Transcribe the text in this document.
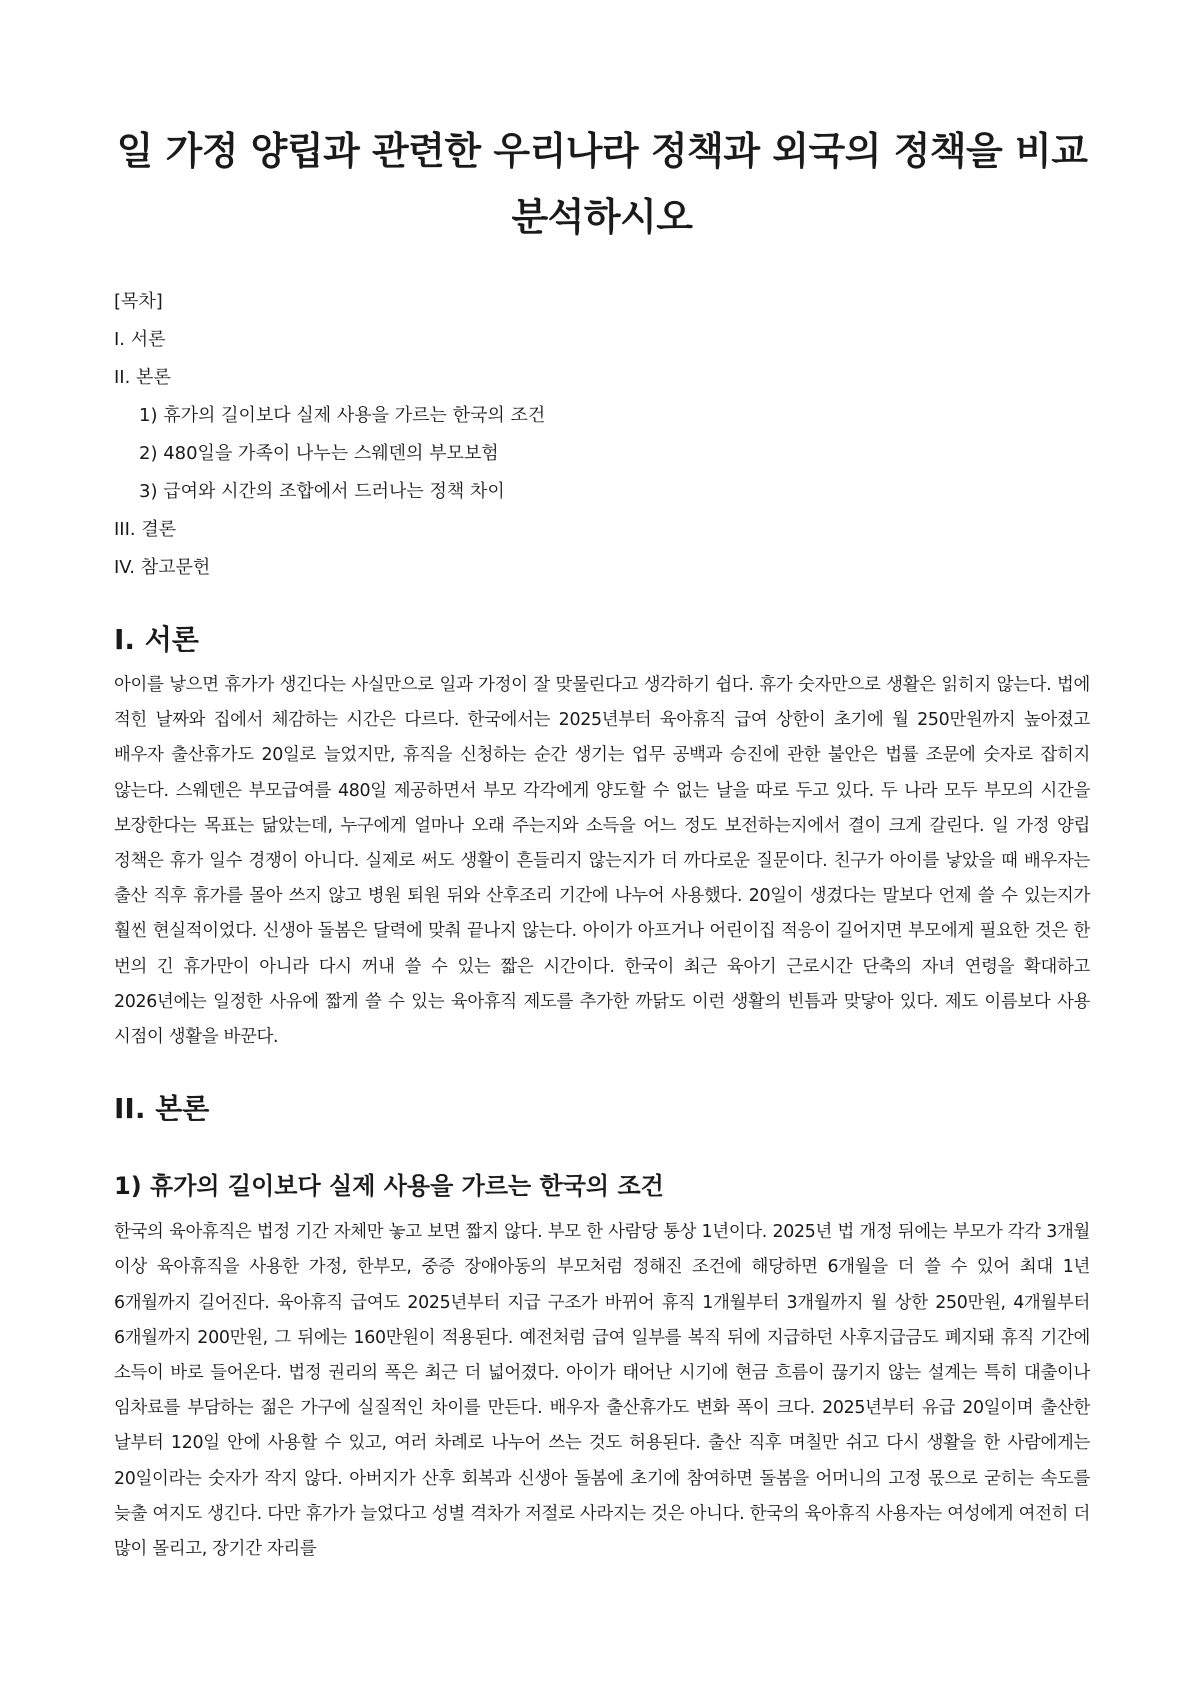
일 가정 양립과 관련한 우리나라 정책과 외국의 정책을 비교분석하시오
[목차]
I. 서론
II. 본론
1) 휴가의 길이보다 실제 사용을 가르는 한국의 조건
2) 480일을 가족이 나누는 스웨덴의 부모보험
3) 급여와 시간의 조합에서 드러나는 정책 차이
III. 결론
IV. 참고문헌
I. 서론

아이를 낳으면 휴가가 생긴다는 사실만으로 일과 가정이 잘 맞물린다고 생각하기 쉽다. 휴가 숫자만으로 생활은 읽히지 않는다. 법에 적힌 날짜와 집에서 체감하는 시간은 다르다. 한국에서는 2025년부터 육아휴직 급여 상한이 초기에 월 250만원까지 높아졌고 배우자 출산휴가도 20일로 늘었지만, 휴직을 신청하는 순간 생기는 업무 공백과 승진에 관한 불안은 법률 조문에 숫자로 잡히지 않는다. 스웨덴은 부모급여를 480일 제공하면서 부모 각각에게 양도할 수 없는 날을 따로 두고 있다. 두 나라 모두 부모의 시간을 보장한다는 목표는 닮았는데, 누구에게 얼마나 오래 주는지와 소득을 어느 정도 보전하는지에서 결이 크게 갈린다. 일 가정 양립 정책은 휴가 일수 경쟁이 아니다. 실제로 써도 생활이 흔들리지 않는지가 더 까다로운 질문이다. 친구가 아이를 낳았을 때 배우자는 출산 직후 휴가를 몰아 쓰지 않고 병원 퇴원 뒤와 산후조리 기간에 나누어 사용했다. 20일이 생겼다는 말보다 언제 쓸 수 있는지가 훨씬 현실적이었다. 신생아 돌봄은 달력에 맞춰 끝나지 않는다. 아이가 아프거나 어린이집 적응이 길어지면 부모에게 필요한 것은 한 번의 긴 휴가만이 아니라 다시 꺼내 쓸 수 있는 짧은 시간이다. 한국이 최근 육아기 근로시간 단축의 자녀 연령을 확대하고 2026년에는 일정한 사유에 짧게 쓸 수 있는 육아휴직 제도를 추가한 까닭도 이런 생활의 빈틈과 맞닿아 있다. 제도 이름보다 사용 시점이 생활을 바꾼다.

II. 본론
1) 휴가의 길이보다 실제 사용을 가르는 한국의 조건

한국의 육아휴직은 법정 기간 자체만 놓고 보면 짧지 않다. 부모 한 사람당 통상 1년이다. 2025년 법 개정 뒤에는 부모가 각각 3개월 이상 육아휴직을 사용한 가정, 한부모, 중증 장애아동의 부모처럼 정해진 조건에 해당하면 6개월을 더 쓸 수 있어 최대 1년 6개월까지 길어진다. 육아휴직 급여도 2025년부터 지급 구조가 바뀌어 휴직 1개월부터 3개월까지 월 상한 250만원, 4개월부터 6개월까지 200만원, 그 뒤에는 160만원이 적용된다. 예전처럼 급여 일부를 복직 뒤에 지급하던 사후지급금도 폐지돼 휴직 기간에 소득이 바로 들어온다. 법정 권리의 폭은 최근 더 넓어졌다. 아이가 태어난 시기에 현금 흐름이 끊기지 않는 설계는 특히 대출이나 임차료를 부담하는 젊은 가구에 실질적인 차이를 만든다. 배우자 출산휴가도 변화 폭이 크다. 2025년부터 유급 20일이며 출산한 날부터 120일 안에 사용할 수 있고, 여러 차례로 나누어 쓰는 것도 허용된다. 출산 직후 며칠만 쉬고 다시 생활을 한 사람에게는 20일이라는 숫자가 작지 않다. 아버지가 산후 회복과 신생아 돌봄에 초기에 참여하면 돌봄을 어머니의 고정 몫으로 굳히는 속도를 늦출 여지도 생긴다. 다만 휴가가 늘었다고 성별 격차가 저절로 사라지는 것은 아니다. 한국의 육아휴직 사용자는 여성에게 여전히 더 많이 몰리고, 장기간 자리를
